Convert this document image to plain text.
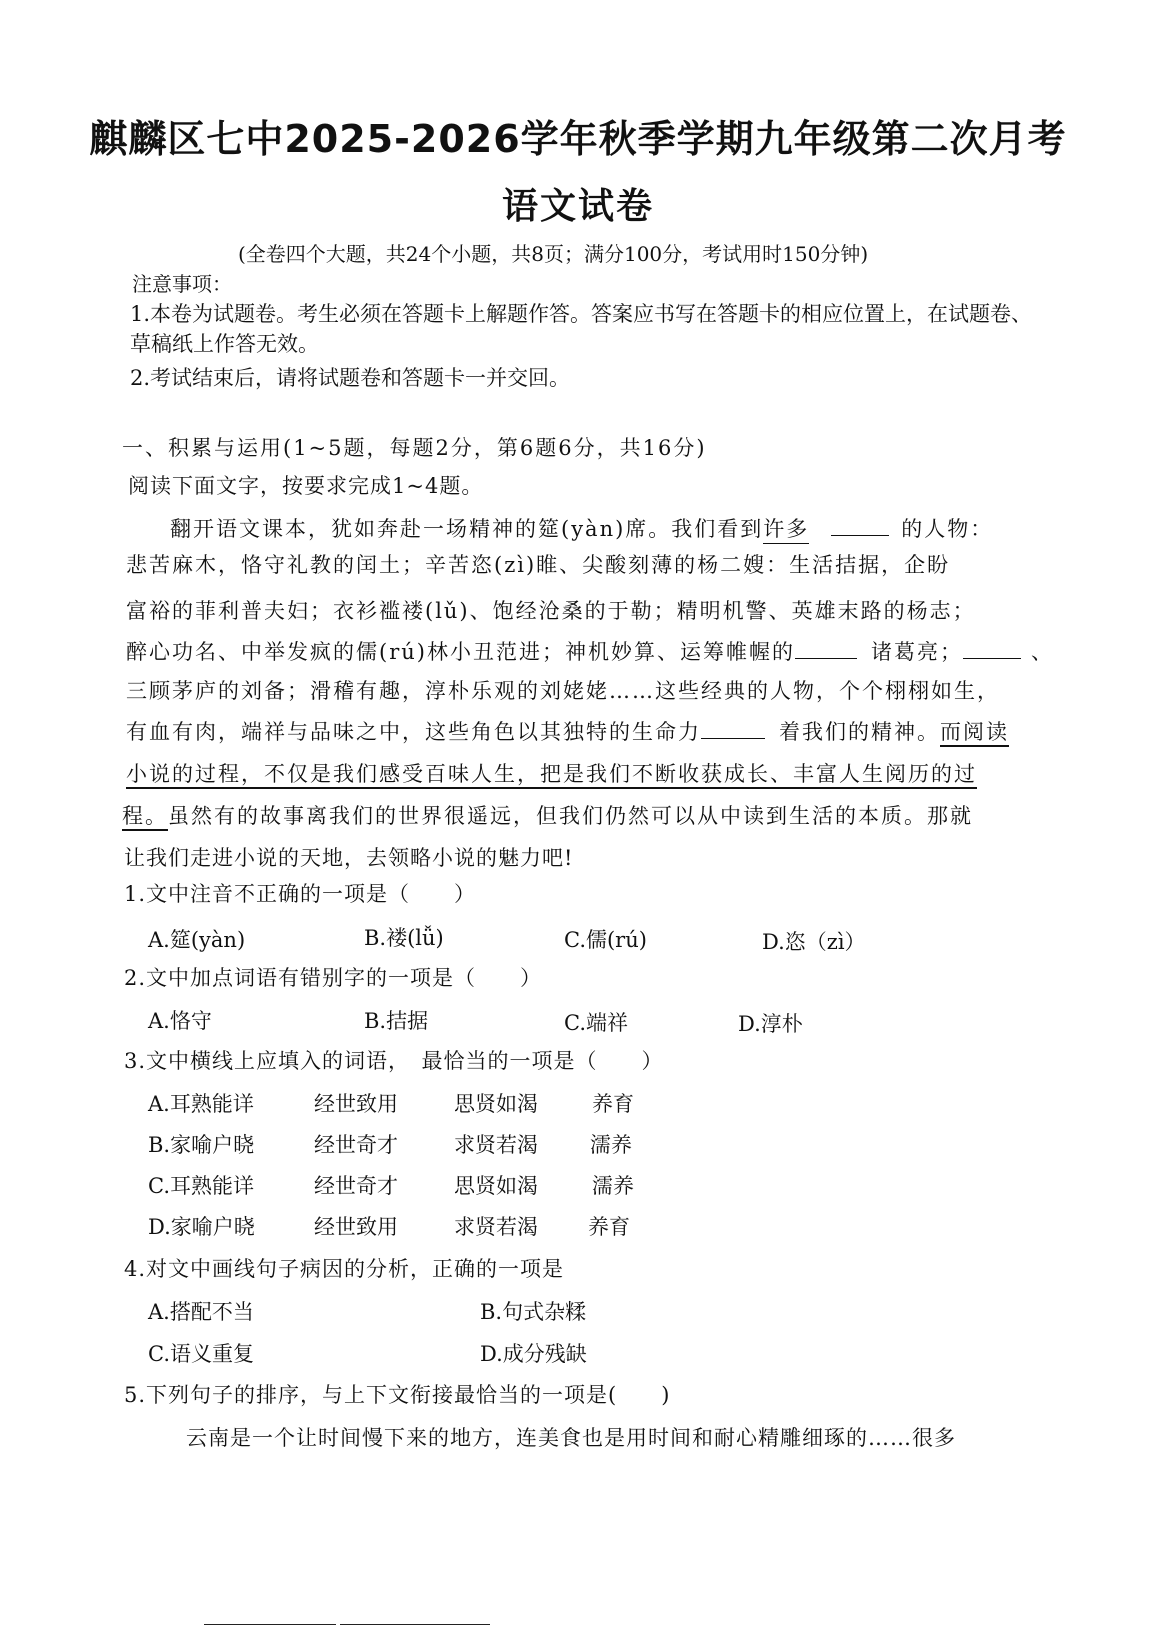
麒麟区七中2025-2026学年秋季学期九年级第二次月考
语文试卷
(全卷四个大题，共24个小题，共8页；满分100分，考试用时150分钟)
注意事项：
1.本卷为试题卷。考生必须在答题卡上解题作答。答案应书写在答题卡的相应位置上，在试题卷、
草稿纸上作答无效。
2.考试结束后，请将试题卷和答题卡一并交回。
一、积累与运用(1~5题，每题2分，第6题6分，共16分)
阅读下面文字，按要求完成1~4题。
翻开语文课本，犹如奔赴一场精神的筵(yàn)席。我们看到许多	的人物：
悲苦麻木，恪守礼教的闰土；辛苦恣(zì)睢、尖酸刻薄的杨二嫂：生活拮据，企盼
富裕的菲利普夫妇；衣衫褴褛(lǔ)、饱经沧桑的于勒；精明机警、英雄末路的杨志；
醉心功名、中举发疯的儒(rú)林小丑范进；神机妙算、运筹帷幄的	诸葛亮；	、
三顾茅庐的刘备；滑稽有趣，淳朴乐观的刘姥姥……这些经典的人物，个个栩栩如生，
有血有肉，端祥与品味之中，这些角色以其独特的生命力	着我们的精神。而阅读
小说的过程，不仅是我们感受百味人生，把是我们不断收获成长、丰富人生阅历的过
程。虽然有的故事离我们的世界很遥远，但我们仍然可以从中读到生活的本质。那就
让我们走进小说的天地，去领略小说的魅力吧!
1.文中注音不正确的一项是（　　）
A.筵(yàn)	B.褛(lǚ)	C.儒(rú)	D.恣（zì）
2.文中加点词语有错别字的一项是（　　）
A.恪守	B.拮据	C.端祥	D.淳朴
3.文中横线上应填入的词语，　最恰当的一项是（　　）
A.耳熟能详	经世致用	思贤如渴	养育
B.家喻户晓	经世奇才	求贤若渴 濡养
C.耳熟能详	经世奇才	思贤如渴	濡养
D.家喻户晓	经世致用	求贤若渴 养育
4.对文中画线句子病因的分析，正确的一项是
A.搭配不当	B.句式杂糅
C.语义重复	D.成分残缺
5.下列句子的排序，与上下文衔接最恰当的一项是(　　)
云南是一个让时间慢下来的地方，连美食也是用时间和耐心精雕细琢的……很多
